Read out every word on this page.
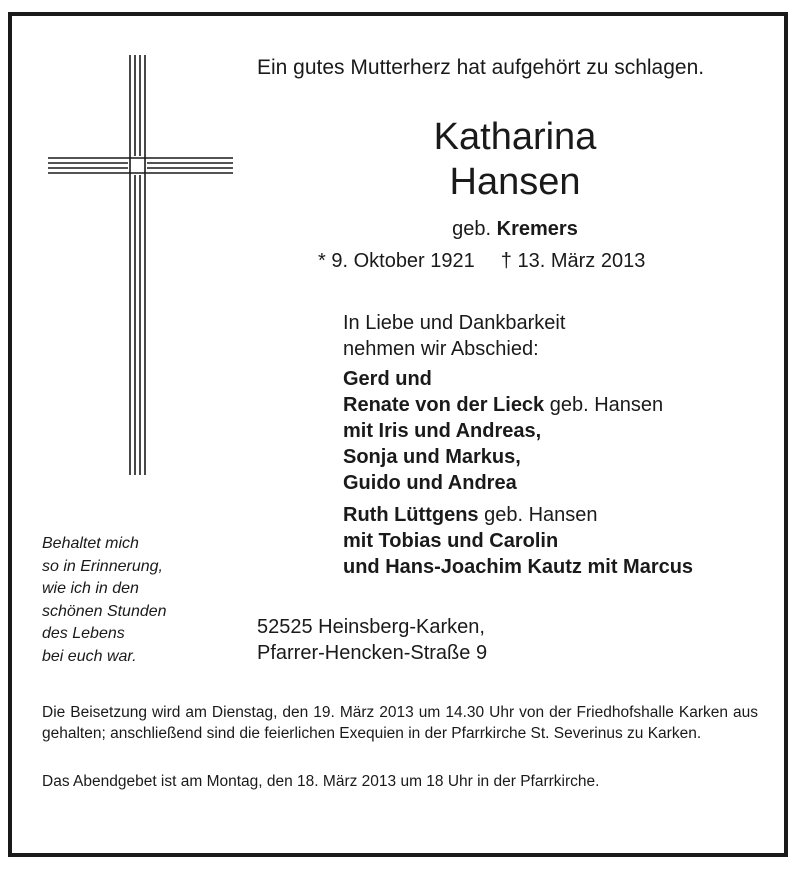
Ein gutes Mutterherz hat aufgehört zu schlagen.
Katharina
Hansen
geb. Kremers
* 9. Oktober 1921 † 13. März 2013
In Liebe und Dankbarkeit
nehmen wir Abschied:
Gerd und
Renate von der Lieck geb. Hansen
mit Iris und Andreas,
Sonja und Markus,
Guido und Andrea
Ruth Lüttgens geb. Hansen
mit Tobias und Carolin
und Hans-Joachim Kautz mit Marcus
Behaltet mich
so in Erinnerung,
wie ich in den
schönen Stunden
des Lebens
bei euch war.
52525 Heinsberg-Karken,
Pfarrer-Hencken-Straße 9
Die Beisetzung wird am Dienstag, den 19. März 2013 um 14.30 Uhr von der Friedhofshalle Karken aus gehalten; anschließend sind die feierlichen Exequien in der Pfarrkirche St. Severinus zu Karken.
Das Abendgebet ist am Montag, den 18. März 2013 um 18 Uhr in der Pfarrkirche.
